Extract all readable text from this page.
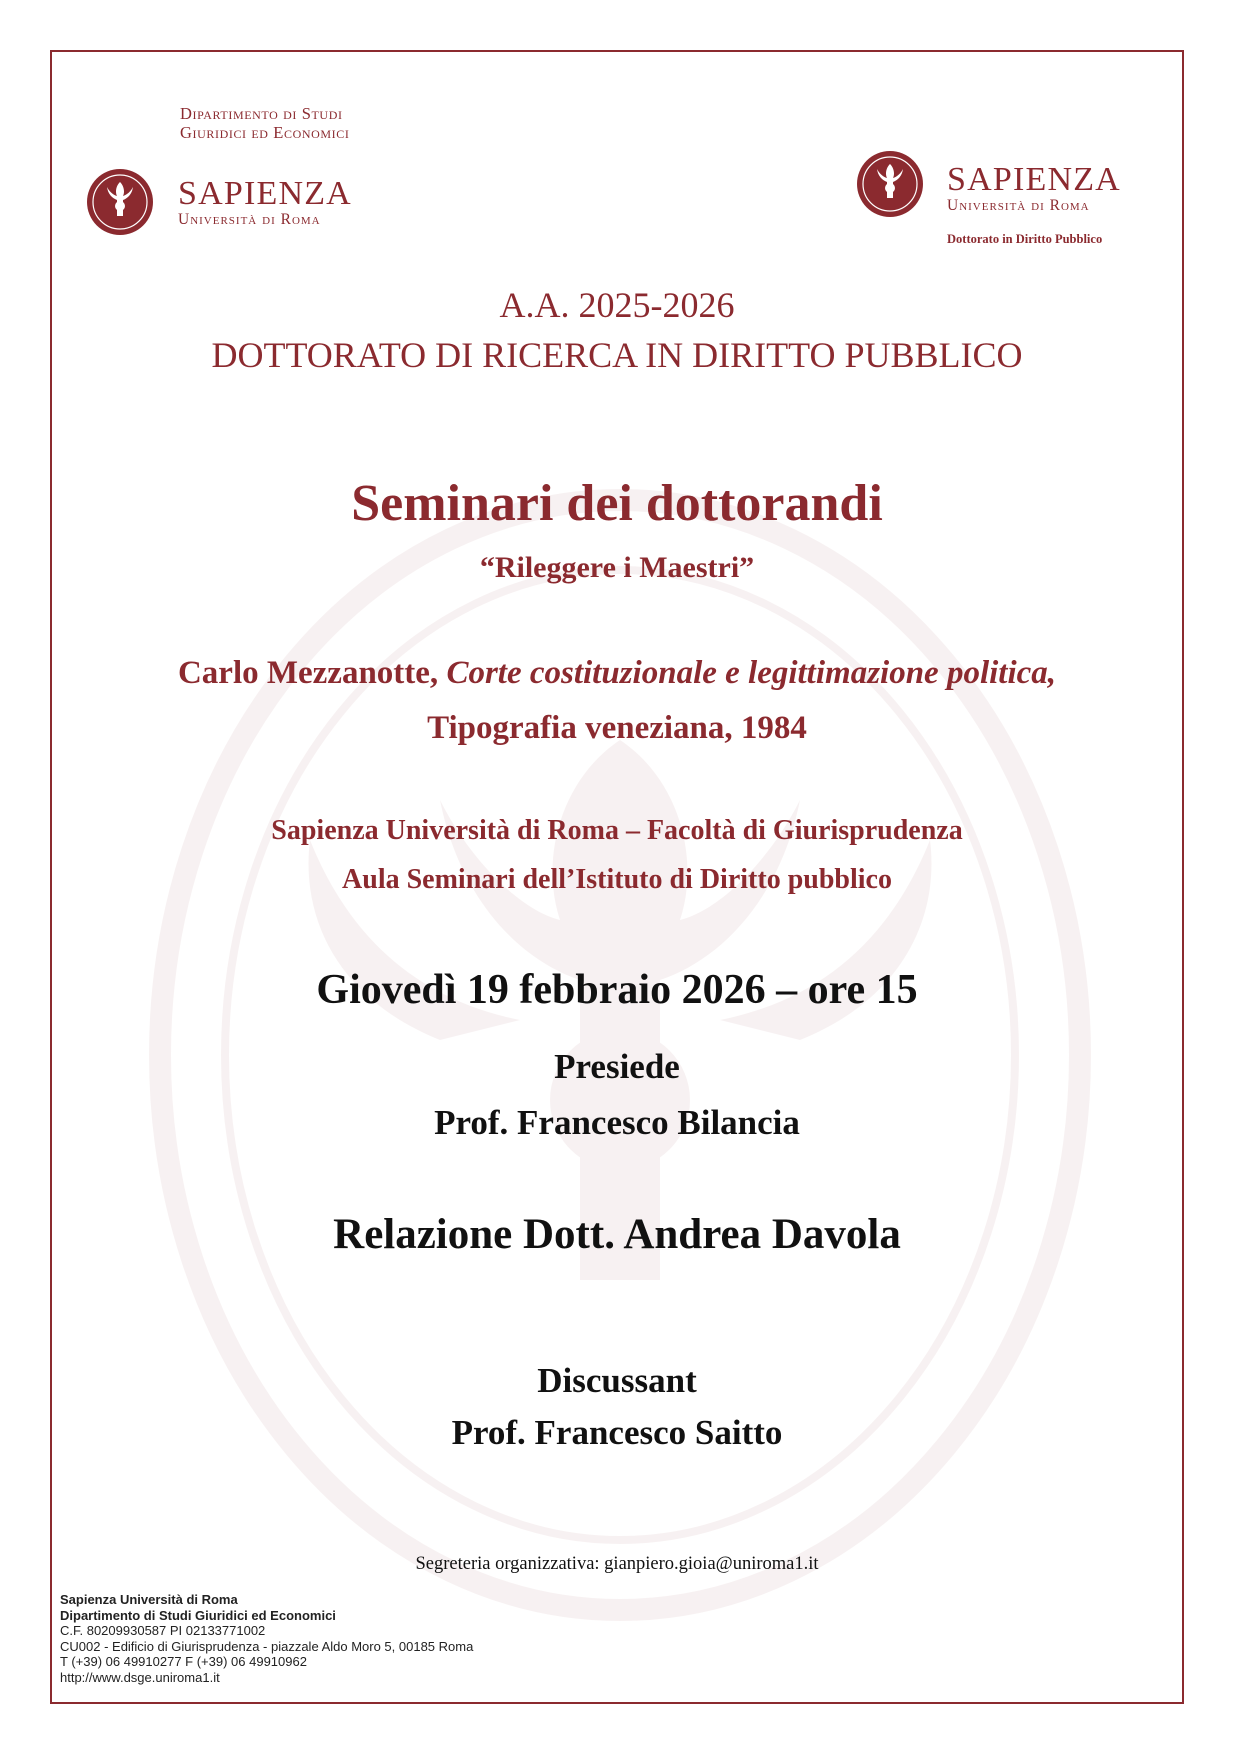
Dipartimento di Studi
Giuridici ed Economici
SAPIENZA
Università di Roma
SAPIENZA
Università di Roma
Dottorato in Diritto Pubblico
A.A. 2025-2026
DOTTORATO DI RICERCA IN DIRITTO PUBBLICO
Seminari dei dottorandi
“Rileggere i Maestri”
Carlo Mezzanotte, Corte costituzionale e legittimazione politica,
Tipografia veneziana, 1984
Sapienza Università di Roma – Facoltà di Giurisprudenza
Aula Seminari dell’Istituto di Diritto pubblico
Giovedì 19 febbraio 2026 – ore 15
Presiede
Prof. Francesco Bilancia
Relazione Dott. Andrea Davola
Discussant
Prof. Francesco Saitto
Segreteria organizzativa: gianpiero.gioia@uniroma1.it
Sapienza Università di Roma
Dipartimento di Studi Giuridici ed Economici
C.F. 80209930587 PI 02133771002
CU002 - Edificio di Giurisprudenza - piazzale Aldo Moro 5, 00185 Roma
T (+39) 06 49910277 F (+39) 06 49910962
http://www.dsge.uniroma1.it
